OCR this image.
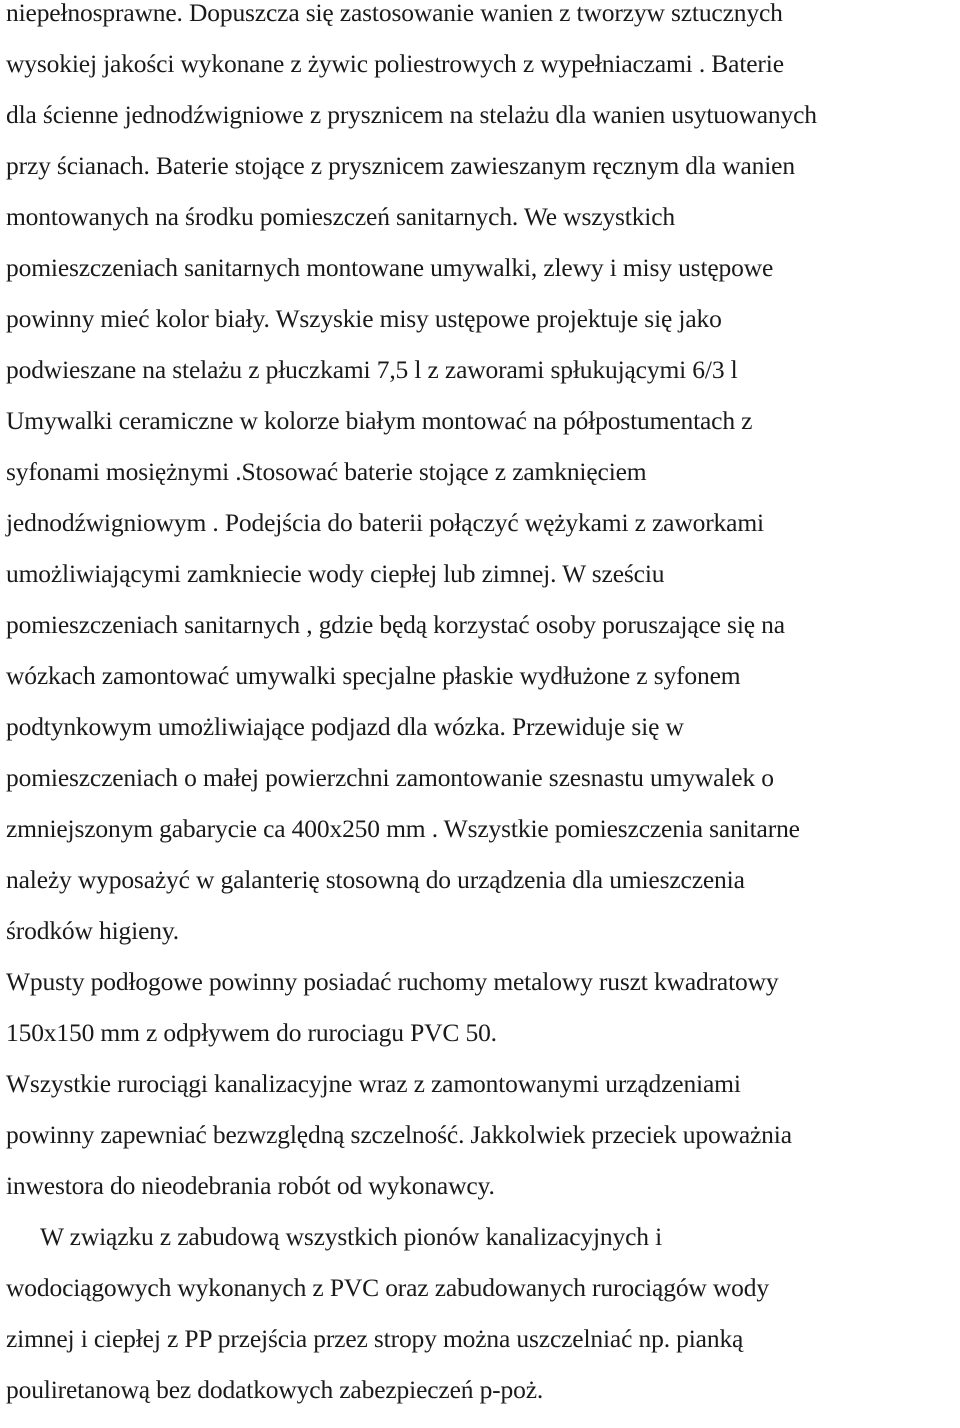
niepełnosprawne. Dopuszcza się zastosowanie wanien z tworzyw sztucznych
wysokiej jakości wykonane z żywic poliestrowych z wypełniaczami . Baterie
dla ścienne jednodźwigniowe z prysznicem na stelażu dla wanien usytuowanych
przy ścianach. Baterie stojące z prysznicem zawieszanym ręcznym dla wanien
montowanych na środku pomieszczeń sanitarnych. We wszystkich
pomieszczeniach sanitarnych montowane umywalki, zlewy i misy ustępowe
powinny mieć kolor biały. Wszyskie misy ustępowe projektuje się jako
podwieszane na stelażu z płuczkami 7,5 l z zaworami spłukującymi 6/3 l
Umywalki ceramiczne w kolorze białym montować na półpostumentach z
syfonami mosiężnymi .Stosować baterie stojące z zamknięciem
jednodźwigniowym . Podejścia do baterii połączyć wężykami z zaworkami
umożliwiającymi zamkniecie wody ciepłej lub zimnej. W sześciu
pomieszczeniach sanitarnych , gdzie będą korzystać osoby poruszające się na
wózkach zamontować umywalki specjalne płaskie wydłużone z syfonem
podtynkowym umożliwiające podjazd dla wózka. Przewiduje się w
pomieszczeniach o małej powierzchni zamontowanie szesnastu umywalek o
zmniejszonym gabarycie ca 400x250 mm . Wszystkie pomieszczenia sanitarne
należy wyposażyć w galanterię stosowną do urządzenia dla umieszczenia
środków higieny.
Wpusty podłogowe powinny posiadać ruchomy metalowy ruszt kwadratowy
150x150 mm z odpływem do rurociagu PVC 50.
Wszystkie rurociągi kanalizacyjne wraz z zamontowanymi urządzeniami
powinny zapewniać bezwzględną szczelność. Jakkolwiek przeciek upoważnia
inwestora do nieodebrania robót od wykonawcy.
W związku z zabudową wszystkich pionów kanalizacyjnych i
wodociągowych wykonanych z PVC oraz zabudowanych rurociągów wody
zimnej i ciepłej z PP przejścia przez stropy można uszczelniać np. pianką
pouliretanową bez dodatkowych zabezpieczeń p-poż.
